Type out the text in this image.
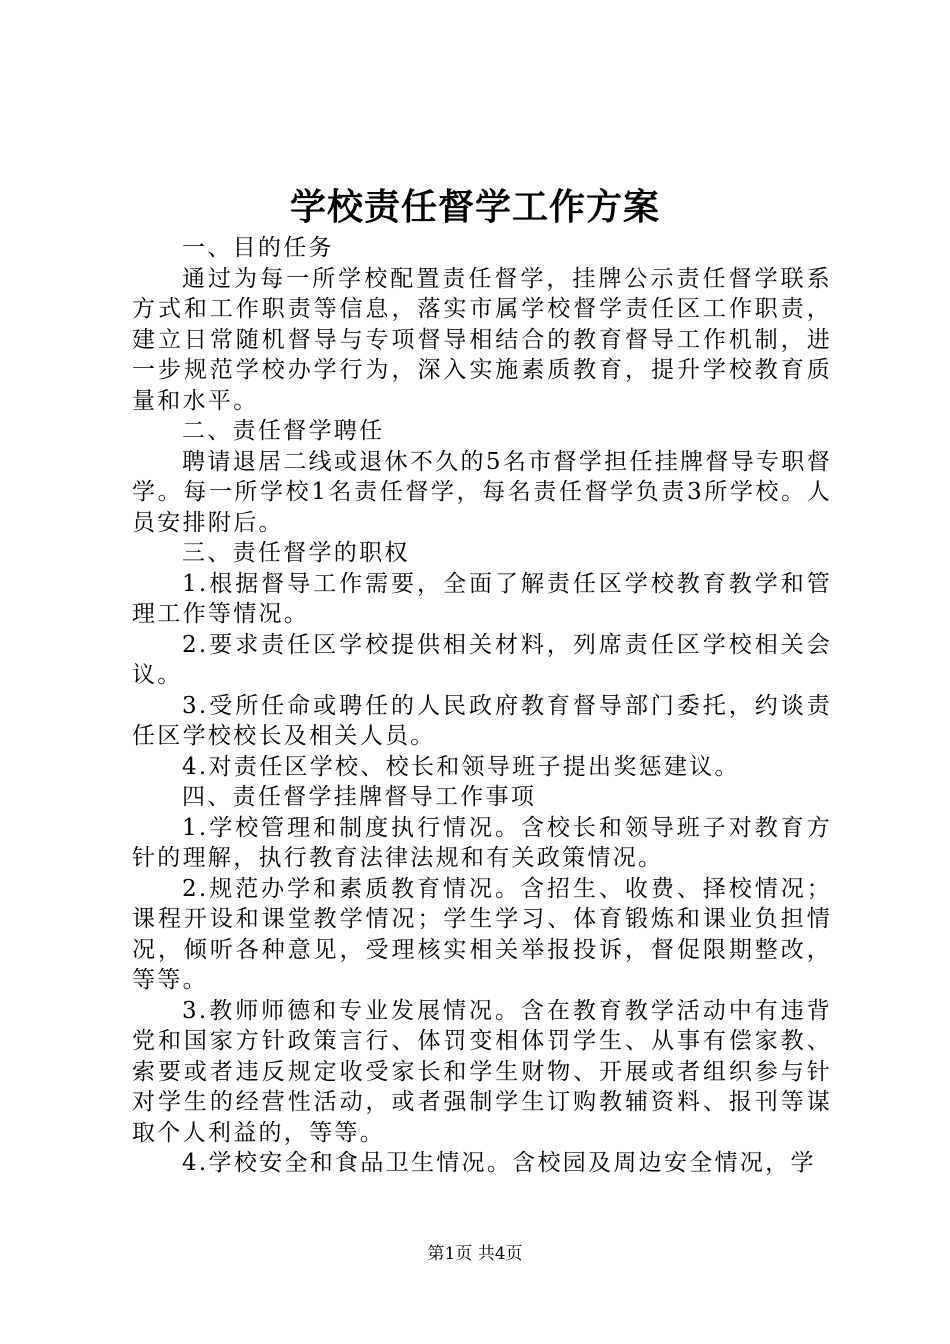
学校责任督学工作方案

一、目的任务

通过为每一所学校配置责任督学，挂牌公示责任督学联系方式和工作职责等信息，落实市属学校督学责任区工作职责，建立日常随机督导与专项督导相结合的教育督导工作机制，进一步规范学校办学行为，深入实施素质教育，提升学校教育质量和水平。

二、责任督学聘任

聘请退居二线或退休不久的5名市督学担任挂牌督导专职督学。每一所学校1名责任督学，每名责任督学负责3所学校。人员安排附后。

三、责任督学的职权

1.根据督导工作需要，全面了解责任区学校教育教学和管理工作等情况。

2.要求责任区学校提供相关材料，列席责任区学校相关会议。

3.受所任命或聘任的人民政府教育督导部门委托，约谈责任区学校校长及相关人员。

4.对责任区学校、校长和领导班子提出奖惩建议。

四、责任督学挂牌督导工作事项

1.学校管理和制度执行情况。含校长和领导班子对教育方针的理解，执行教育法律法规和有关政策情况。

2.规范办学和素质教育情况。含招生、收费、择校情况；课程开设和课堂教学情况；学生学习、体育锻炼和课业负担情况，倾听各种意见，受理核实相关举报投诉，督促限期整改，等等。

3.教师师德和专业发展情况。含在教育教学活动中有违背党和国家方针政策言行、体罚变相体罚学生、从事有偿家教、索要或者违反规定收受家长和学生财物、开展或者组织参与针对学生的经营性活动，或者强制学生订购教辅资料、报刊等谋取个人利益的，等等。

4.学校安全和食品卫生情况。含校园及周边安全情况，学

第1页 共4页
